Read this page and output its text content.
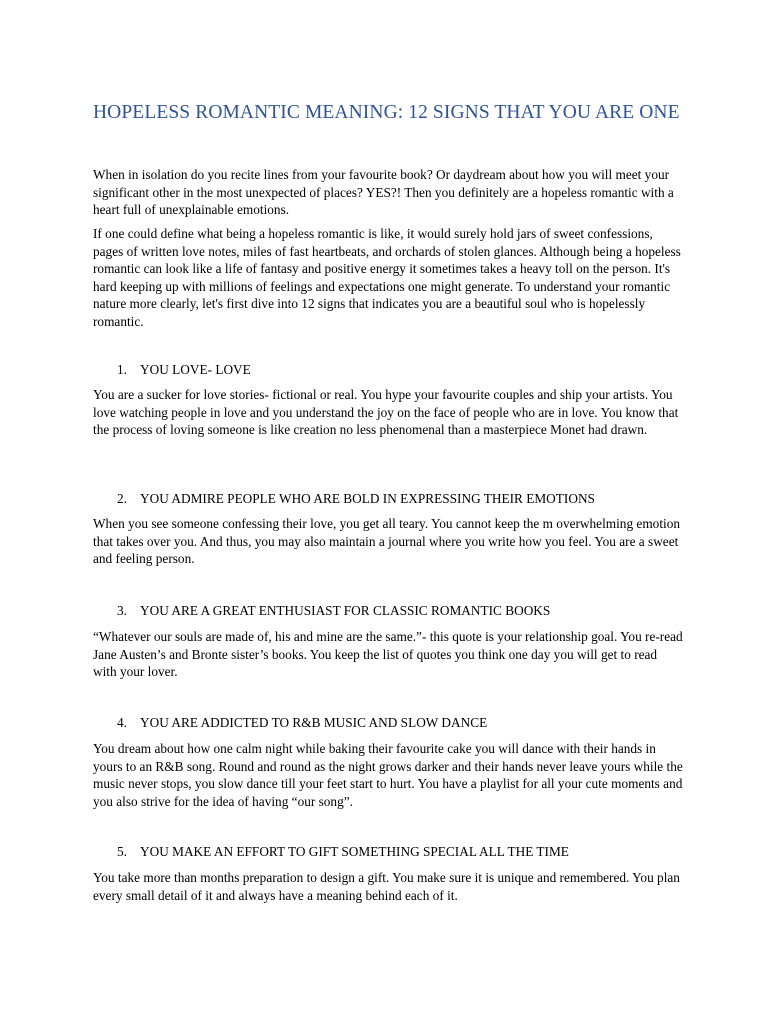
HOPELESS ROMANTIC MEANING: 12 SIGNS THAT YOU ARE ONE

When in isolation do you recite lines from your favourite book? Or daydream about how you will meet your significant other in the most unexpected of places? YES?! Then you definitely are a hopeless romantic with a heart full of unexplainable emotions.

If one could define what being a hopeless romantic is like, it would surely hold jars of sweet confessions, pages of written love notes, miles of fast heartbeats, and orchards of stolen glances. Although being a hopeless romantic can look like a life of fantasy and positive energy it sometimes takes a heavy toll on the person. It's hard keeping up with millions of feelings and expectations one might generate. To understand your romantic nature more clearly, let's first dive into 12 signs that indicates you are a beautiful soul who is hopelessly romantic.

1. YOU LOVE- LOVE

You are a sucker for love stories- fictional or real. You hype your favourite couples and ship your artists. You love watching people in love and you understand the joy on the face of people who are in love. You know that the process of loving someone is like creation no less phenomenal than a masterpiece Monet had drawn.

2. YOU ADMIRE PEOPLE WHO ARE BOLD IN EXPRESSING THEIR EMOTIONS

When you see someone confessing their love, you get all teary. You cannot keep the m overwhelming emotion that takes over you. And thus, you may also maintain a journal where you write how you feel. You are a sweet and feeling person.

3. YOU ARE A GREAT ENTHUSIAST FOR CLASSIC ROMANTIC BOOKS

“Whatever our souls are made of, his and mine are the same.”- this quote is your relationship goal. You re-read Jane Austen’s and Bronte sister’s books. You keep the list of quotes you think one day you will get to read with your lover.

4. YOU ARE ADDICTED TO R&B MUSIC AND SLOW DANCE

You dream about how one calm night while baking their favourite cake you will dance with their hands in yours to an R&B song. Round and round as the night grows darker and their hands never leave yours while the music never stops, you slow dance till your feet start to hurt. You have a playlist for all your cute moments and you also strive for the idea of having “our song”.

5. YOU MAKE AN EFFORT TO GIFT SOMETHING SPECIAL ALL THE TIME

You take more than months preparation to design a gift. You make sure it is unique and remembered. You plan every small detail of it and always have a meaning behind each of it.
